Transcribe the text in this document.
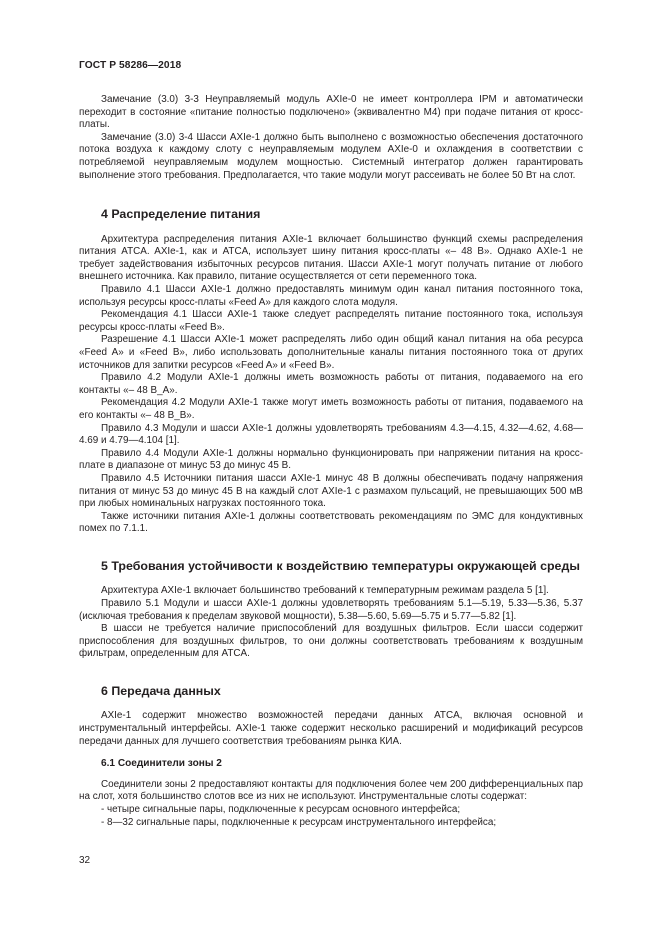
ГОСТ Р 58286—2018

Замечание (3.0) 3-3 Неуправляемый модуль AXIe-0 не имеет контроллера IPM и автоматически переходит в состояние «питание полностью подключено» (эквивалентно M4) при подаче питания от кросс-платы.

Замечание (3.0) 3-4 Шасси AXIe-1 должно быть выполнено с возможностью обеспечения достаточного потока воздуха к каждому слоту с неуправляемым модулем AXIe-0 и охлаждения в соответствии с потребляемой неуправляемым модулем мощностью. Системный интегратор должен гарантировать выполнение этого требования. Предполагается, что такие модули могут рассеивать не более 50 Вт на слот.

4 Распределение питания

Архитектура распределения питания AXIe-1 включает большинство функций схемы распределения питания ATCA. AXIe-1, как и ATCA, использует шину питания кросс-платы «– 48 В». Однако AXIe-1 не требует задействования избыточных ресурсов питания. Шасси AXIe-1 могут получать питание от любого внешнего источника. Как правило, питание осуществляется от сети переменного тока.

Правило 4.1 Шасси AXIe-1 должно предоставлять минимум один канал питания постоянного тока, используя ресурсы кросс-платы «Feed A» для каждого слота модуля.

Рекомендация 4.1 Шасси AXIe-1 также следует распределять питание постоянного тока, используя ресурсы кросс-платы «Feed B».

Разрешение 4.1 Шасси AXIe-1 может распределять либо один общий канал питания на оба ресурса «Feed A» и «Feed B», либо использовать дополнительные каналы питания постоянного тока от других источников для запитки ресурсов «Feed A» и «Feed B».

Правило 4.2 Модули AXIe-1 должны иметь возможность работы от питания, подаваемого на его контакты «– 48 B_A».

Рекомендация 4.2 Модули AXIe-1 также могут иметь возможность работы от питания, подаваемого на его контакты «– 48 B_B».

Правило 4.3 Модули и шасси AXIe-1 должны удовлетворять требованиям 4.3—4.15, 4.32—4.62, 4.68—4.69 и 4.79—4.104 [1].

Правило 4.4 Модули AXIe-1 должны нормально функционировать при напряжении питания на кросс-плате в диапазоне от минус 53 до минус 45 В.

Правило 4.5 Источники питания шасси AXIe-1 минус 48 В должны обеспечивать подачу напряжения питания от минус 53 до минус 45 В на каждый слот AXIe-1 с размахом пульсаций, не превышающих 500 мВ при любых номинальных нагрузках постоянного тока.

Также источники питания AXIe-1 должны соответствовать рекомендациям по ЭМС для кондуктивных помех по 7.1.1.

5 Требования устойчивости к воздействию температуры окружающей среды

Архитектура AXIe-1 включает большинство требований к температурным режимам раздела 5 [1].

Правило 5.1 Модули и шасси AXIe-1 должны удовлетворять требованиям 5.1—5.19, 5.33—5.36, 5.37 (исключая требования к пределам звуковой мощности), 5.38—5.60, 5.69—5.75 и 5.77—5.82 [1].

В шасси не требуется наличие приспособлений для воздушных фильтров. Если шасси содержит приспособления для воздушных фильтров, то они должны соответствовать требованиям к воздушным фильтрам, определенным для ATCA.

6 Передача данных

AXIe-1 содержит множество возможностей передачи данных ATCA, включая основной и инструментальный интерфейсы. AXIe-1 также содержит несколько расширений и модификаций ресурсов передачи данных для лучшего соответствия требованиям рынка КИА.

6.1 Соединители зоны 2

Соединители зоны 2 предоставляют контакты для подключения более чем 200 дифференциальных пар на слот, хотя большинство слотов все из них не используют. Инструментальные слоты содержат:

- четыре сигнальные пары, подключенные к ресурсам основного интерфейса;

- 8—32 сигнальные пары, подключенные к ресурсам инструментального интерфейса;

32
